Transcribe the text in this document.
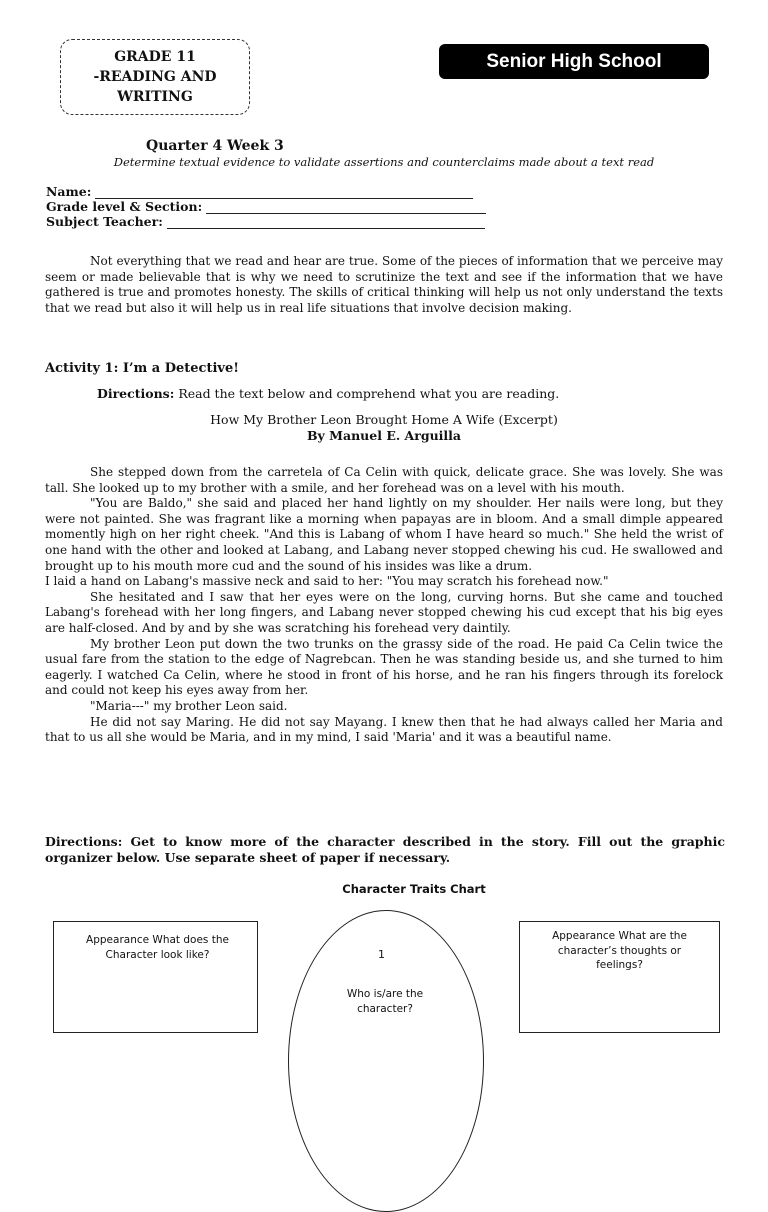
GRADE 11
-READING AND
WRITING
Senior High School
Quarter 4 Week 3
Determine textual evidence to validate assertions and counterclaims made about a text read
Name:
Grade level & Section:
Subject Teacher:
Not everything that we read and hear are true. Some of the pieces of information that we perceive may seem or made believable that is why we need to scrutinize the text and see if the information that we have gathered is true and promotes honesty. The skills of critical thinking will help us not only understand the texts that we read but also it will help us in real life situations that involve decision making.
Activity 1: I’m a Detective!
Directions: Read the text below and comprehend what you are reading.
How My Brother Leon Brought Home A Wife (Excerpt)
By Manuel E. Arguilla

She stepped down from the carretela of Ca Celin with quick, delicate grace. She was lovely. She was tall. She looked up to my brother with a smile, and her forehead was on a level with his mouth.

"You are Baldo," she said and placed her hand lightly on my shoulder. Her nails were long, but they were not painted. She was fragrant like a morning when papayas are in bloom. And a small dimple appeared momently high on her right cheek. "And this is Labang of whom I have heard so much." She held the wrist of one hand with the other and looked at Labang, and Labang never stopped chewing his cud. He swallowed and brought up to his mouth more cud and the sound of his insides was like a drum.

I laid a hand on Labang's massive neck and said to her: "You may scratch his forehead now."

She hesitated and I saw that her eyes were on the long, curving horns. But she came and touched Labang's forehead with her long fingers, and Labang never stopped chewing his cud except that his big eyes are half-closed. And by and by she was scratching his forehead very daintily.

My brother Leon put down the two trunks on the grassy side of the road. He paid Ca Celin twice the usual fare from the station to the edge of Nagrebcan. Then he was standing beside us, and she turned to him eagerly. I watched Ca Celin, where he stood in front of his horse, and he ran his fingers through its forelock and could not keep his eyes away from her.

"Maria---" my brother Leon said.

He did not say Maring. He did not say Mayang. I knew then that he had always called her Maria and that to us all she would be Maria, and in my mind, I said 'Maria' and it was a beautiful name.

Directions: Get to know more of the character described in the story. Fill out the graphic organizer below. Use separate sheet of paper if necessary.
Character Traits Chart
1
Who is/are the character?
Appearance What does the Character look like?
Appearance What are the character’s thoughts or feelings?
